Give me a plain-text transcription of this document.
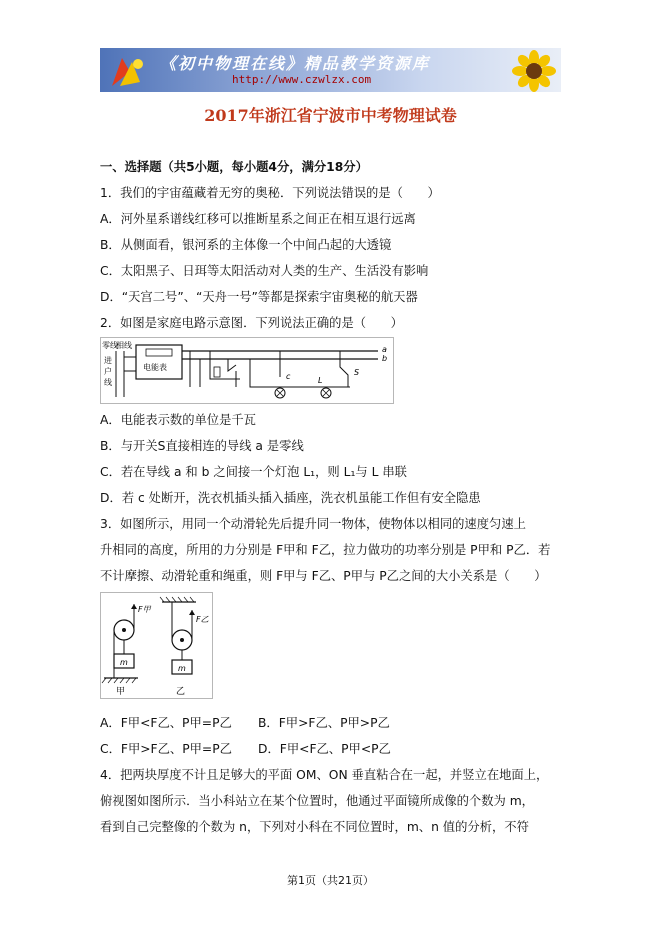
《初中物理在线》精品教学资源库
http://www.czwlzx.com
2017年浙江省宁波市中考物理试卷
一、选择题（共5小题，每小题4分，满分18分）
1．我们的宇宙蕴藏着无穷的奥秘．下列说法错误的是（　　）
A．河外星系谱线红移可以推断星系之间正在相互退行远离
B．从侧面看，银河系的主体像一个中间凸起的大透镜
C．太阳黑子、日珥等太阳活动对人类的生产、生活没有影响
D．“天宫二号”、“天舟一号”等都是探索宇宙奥秘的航天器
2．如图是家庭电路示意图．下列说法正确的是（　　）
零线
相线
进
户
线
电能表
a
b
c	L
S
A．电能表示数的单位是千瓦
B．与开关S直接相连的导线 a 是零线
C．若在导线 a 和 b 之间接一个灯泡 L₁，则 L₁与 L 串联
D．若 c 处断开，洗衣机插头插入插座，洗衣机虽能工作但有安全隐患
3．如图所示，用同一个动滑轮先后提升同一物体，使物体以相同的速度匀速上
升相同的高度，所用的力分别是 F甲和 F乙，拉力做功的功率分别是 P甲和 P乙．若
不计摩擦、动滑轮重和绳重，则 F甲与 F乙、P甲与 P乙之间的大小关系是（　　）
F甲
m
甲
F乙
m
乙
A．F甲<F乙、P甲=P乙 B．F甲>F乙、P甲>P乙
C．F甲>F乙、P甲=P乙 D．F甲<F乙、P甲<P乙
4．把两块厚度不计且足够大的平面 OM、ON 垂直粘合在一起，并竖立在地面上，
俯视图如图所示．当小科站立在某个位置时，他通过平面镜所成像的个数为 m，
看到自己完整像的个数为 n，下列对小科在不同位置时，m、n 值的分析，不符
第1页（共21页）
